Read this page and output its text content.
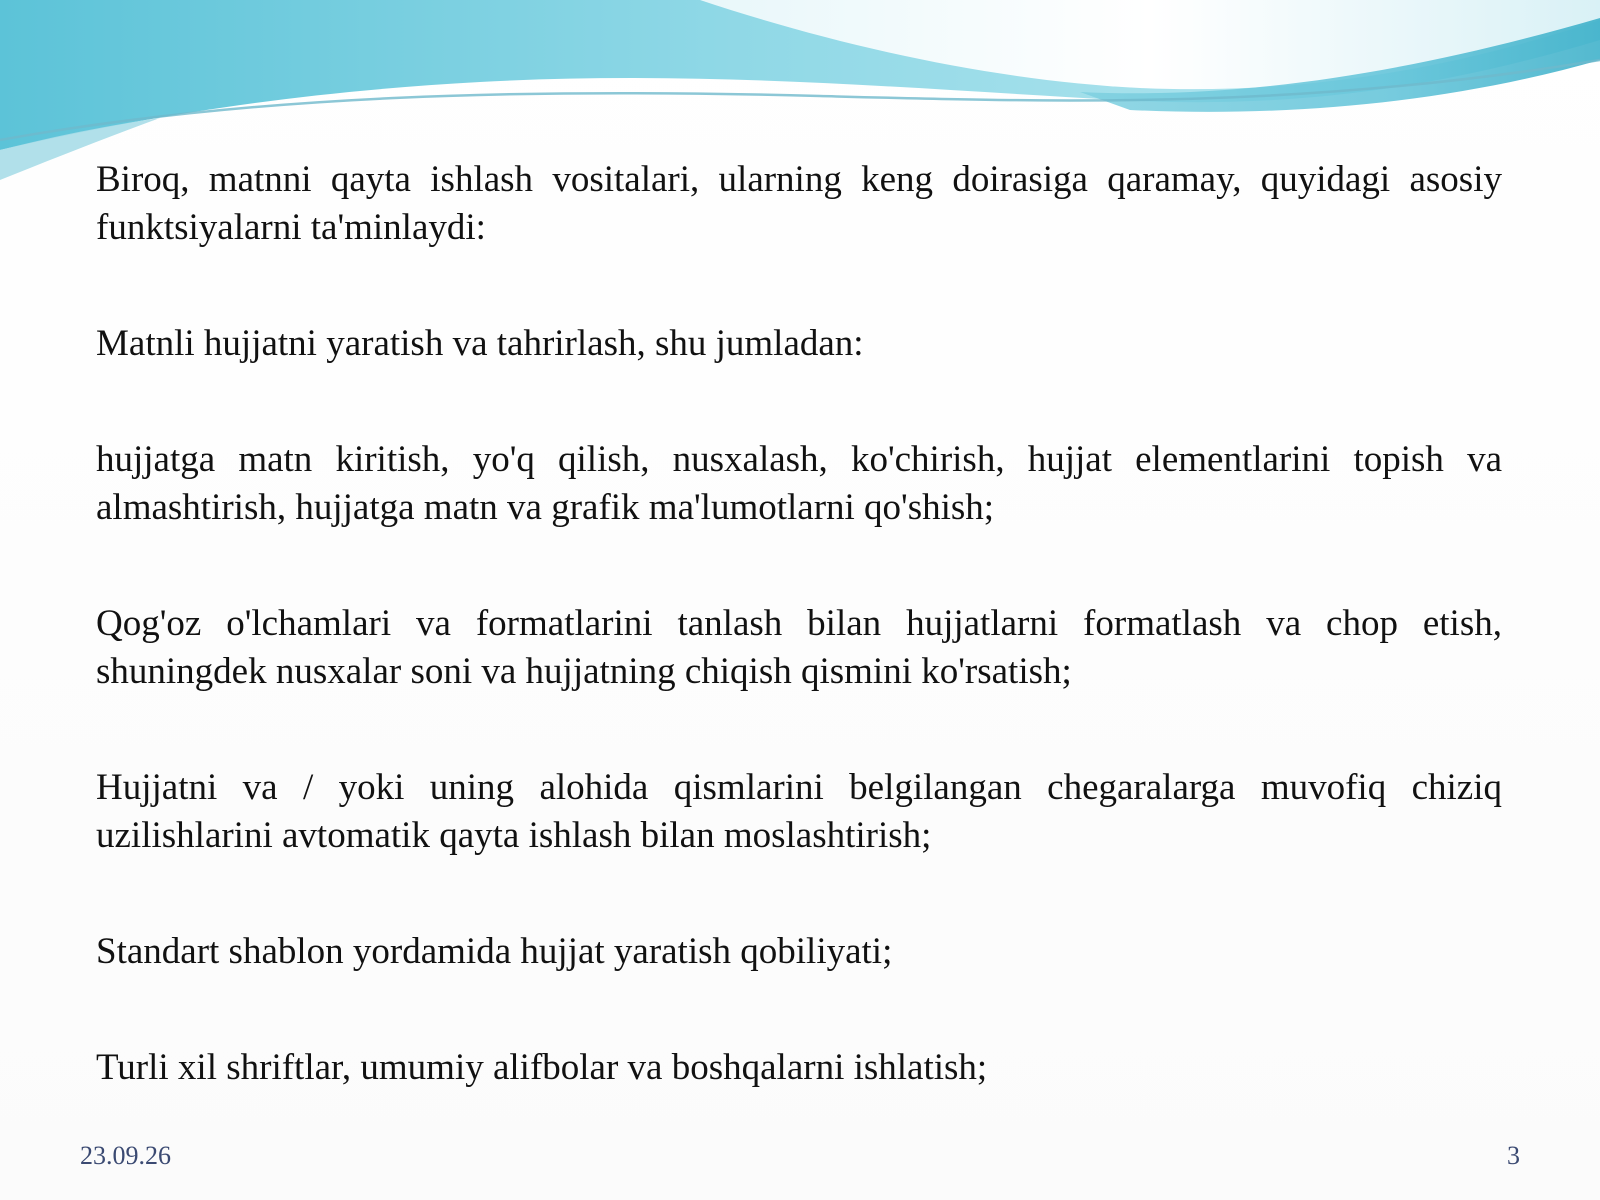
Biroq, matnni qayta ishlash vositalari, ularning keng doirasiga qaramay, quyidagi asosiy funktsiyalarni ta'minlaydi:

Matnli hujjatni yaratish va tahrirlash, shu jumladan:

hujjatga matn kiritish, yo'q qilish, nusxalash, ko'chirish, hujjat elementlarini topish va almashtirish, hujjatga matn va grafik ma'lumotlarni qo'shish;

Qog'oz o'lchamlari va formatlarini tanlash bilan hujjatlarni formatlash va chop etish, shuningdek nusxalar soni va hujjatning chiqish qismini ko'rsatish;

Hujjatni va / yoki uning alohida qismlarini belgilangan chegaralarga muvofiq chiziq uzilishlarini avtomatik qayta ishlash bilan moslashtirish;

Standart shablon yordamida hujjat yaratish qobiliyati;

Turli xil shriftlar, umumiy alifbolar va boshqalarni ishlatish;

23.09.26	3
